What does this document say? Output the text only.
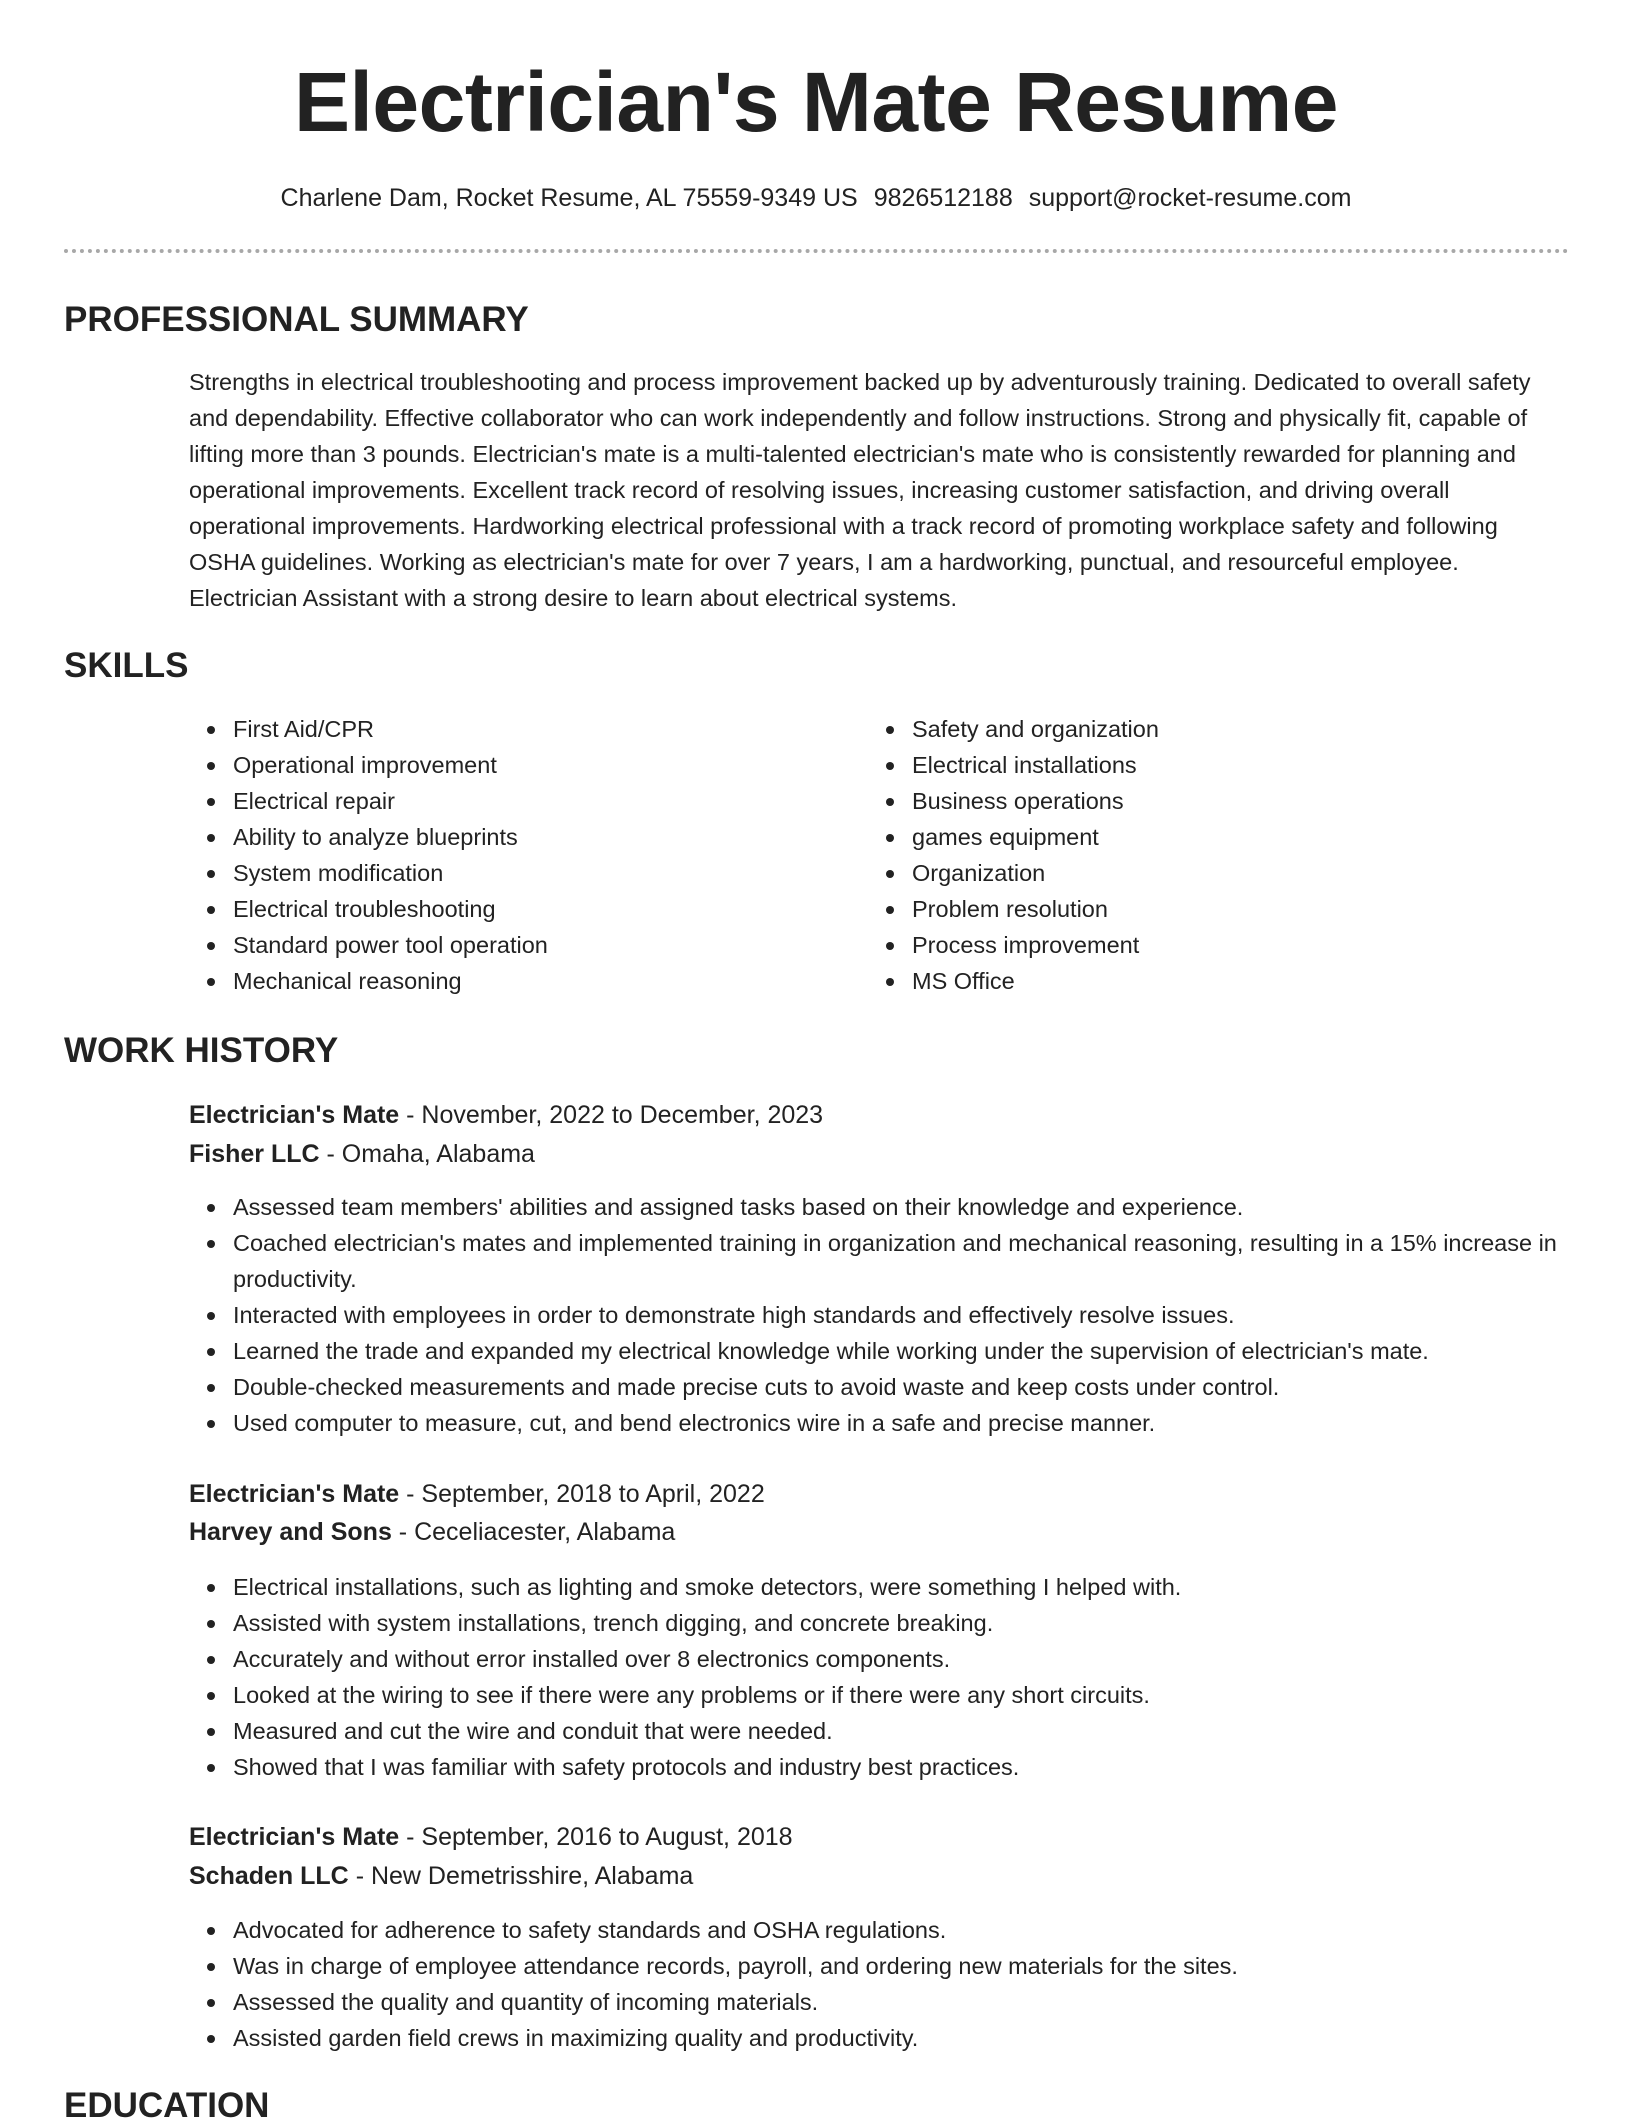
Electrician's Mate Resume
Charlene Dam, Rocket Resume, AL 75559-9349 US 9826512188 support@rocket-resume.com
PROFESSIONAL SUMMARY

Strengths in electrical troubleshooting and process improvement backed up by adventurously training. Dedicated to overall safety and dependability. Effective collaborator who can work independently and follow instructions. Strong and physically fit, capable of lifting more than 3 pounds. Electrician's mate is a multi-talented electrician's mate who is consistently rewarded for planning and operational improvements. Excellent track record of resolving issues, increasing customer satisfaction, and driving overall operational improvements. Hardworking electrical professional with a track record of promoting workplace safety and following OSHA guidelines. Working as electrician's mate for over 7 years, I am a hardworking, punctual, and resourceful employee. Electrician Assistant with a strong desire to learn about electrical systems.

SKILLS
First Aid/CPR
Operational improvement
Electrical repair
Ability to analyze blueprints
System modification
Electrical troubleshooting
Standard power tool operation
Mechanical reasoning
Safety and organization
Electrical installations
Business operations
games equipment
Organization
Problem resolution
Process improvement
MS Office
WORK HISTORY
Electrician's Mate - November, 2022 to December, 2023
Fisher LLC - Omaha, Alabama
Assessed team members' abilities and assigned tasks based on their knowledge and experience.
Coached electrician's mates and implemented training in organization and mechanical reasoning, resulting in a 15% increase in productivity.
Interacted with employees in order to demonstrate high standards and effectively resolve issues.
Learned the trade and expanded my electrical knowledge while working under the supervision of electrician's mate.
Double-checked measurements and made precise cuts to avoid waste and keep costs under control.
Used computer to measure, cut, and bend electronics wire in a safe and precise manner.
Electrician's Mate - September, 2018 to April, 2022
Harvey and Sons - Ceceliacester, Alabama
Electrical installations, such as lighting and smoke detectors, were something I helped with.
Assisted with system installations, trench digging, and concrete breaking.
Accurately and without error installed over 8 electronics components.
Looked at the wiring to see if there were any problems or if there were any short circuits.
Measured and cut the wire and conduit that were needed.
Showed that I was familiar with safety protocols and industry best practices.
Electrician's Mate - September, 2016 to August, 2018
Schaden LLC - New Demetrisshire, Alabama
Advocated for adherence to safety standards and OSHA regulations.
Was in charge of employee attendance records, payroll, and ordering new materials for the sites.
Assessed the quality and quantity of incoming materials.
Assisted garden field crews in maximizing quality and productivity.
EDUCATION
